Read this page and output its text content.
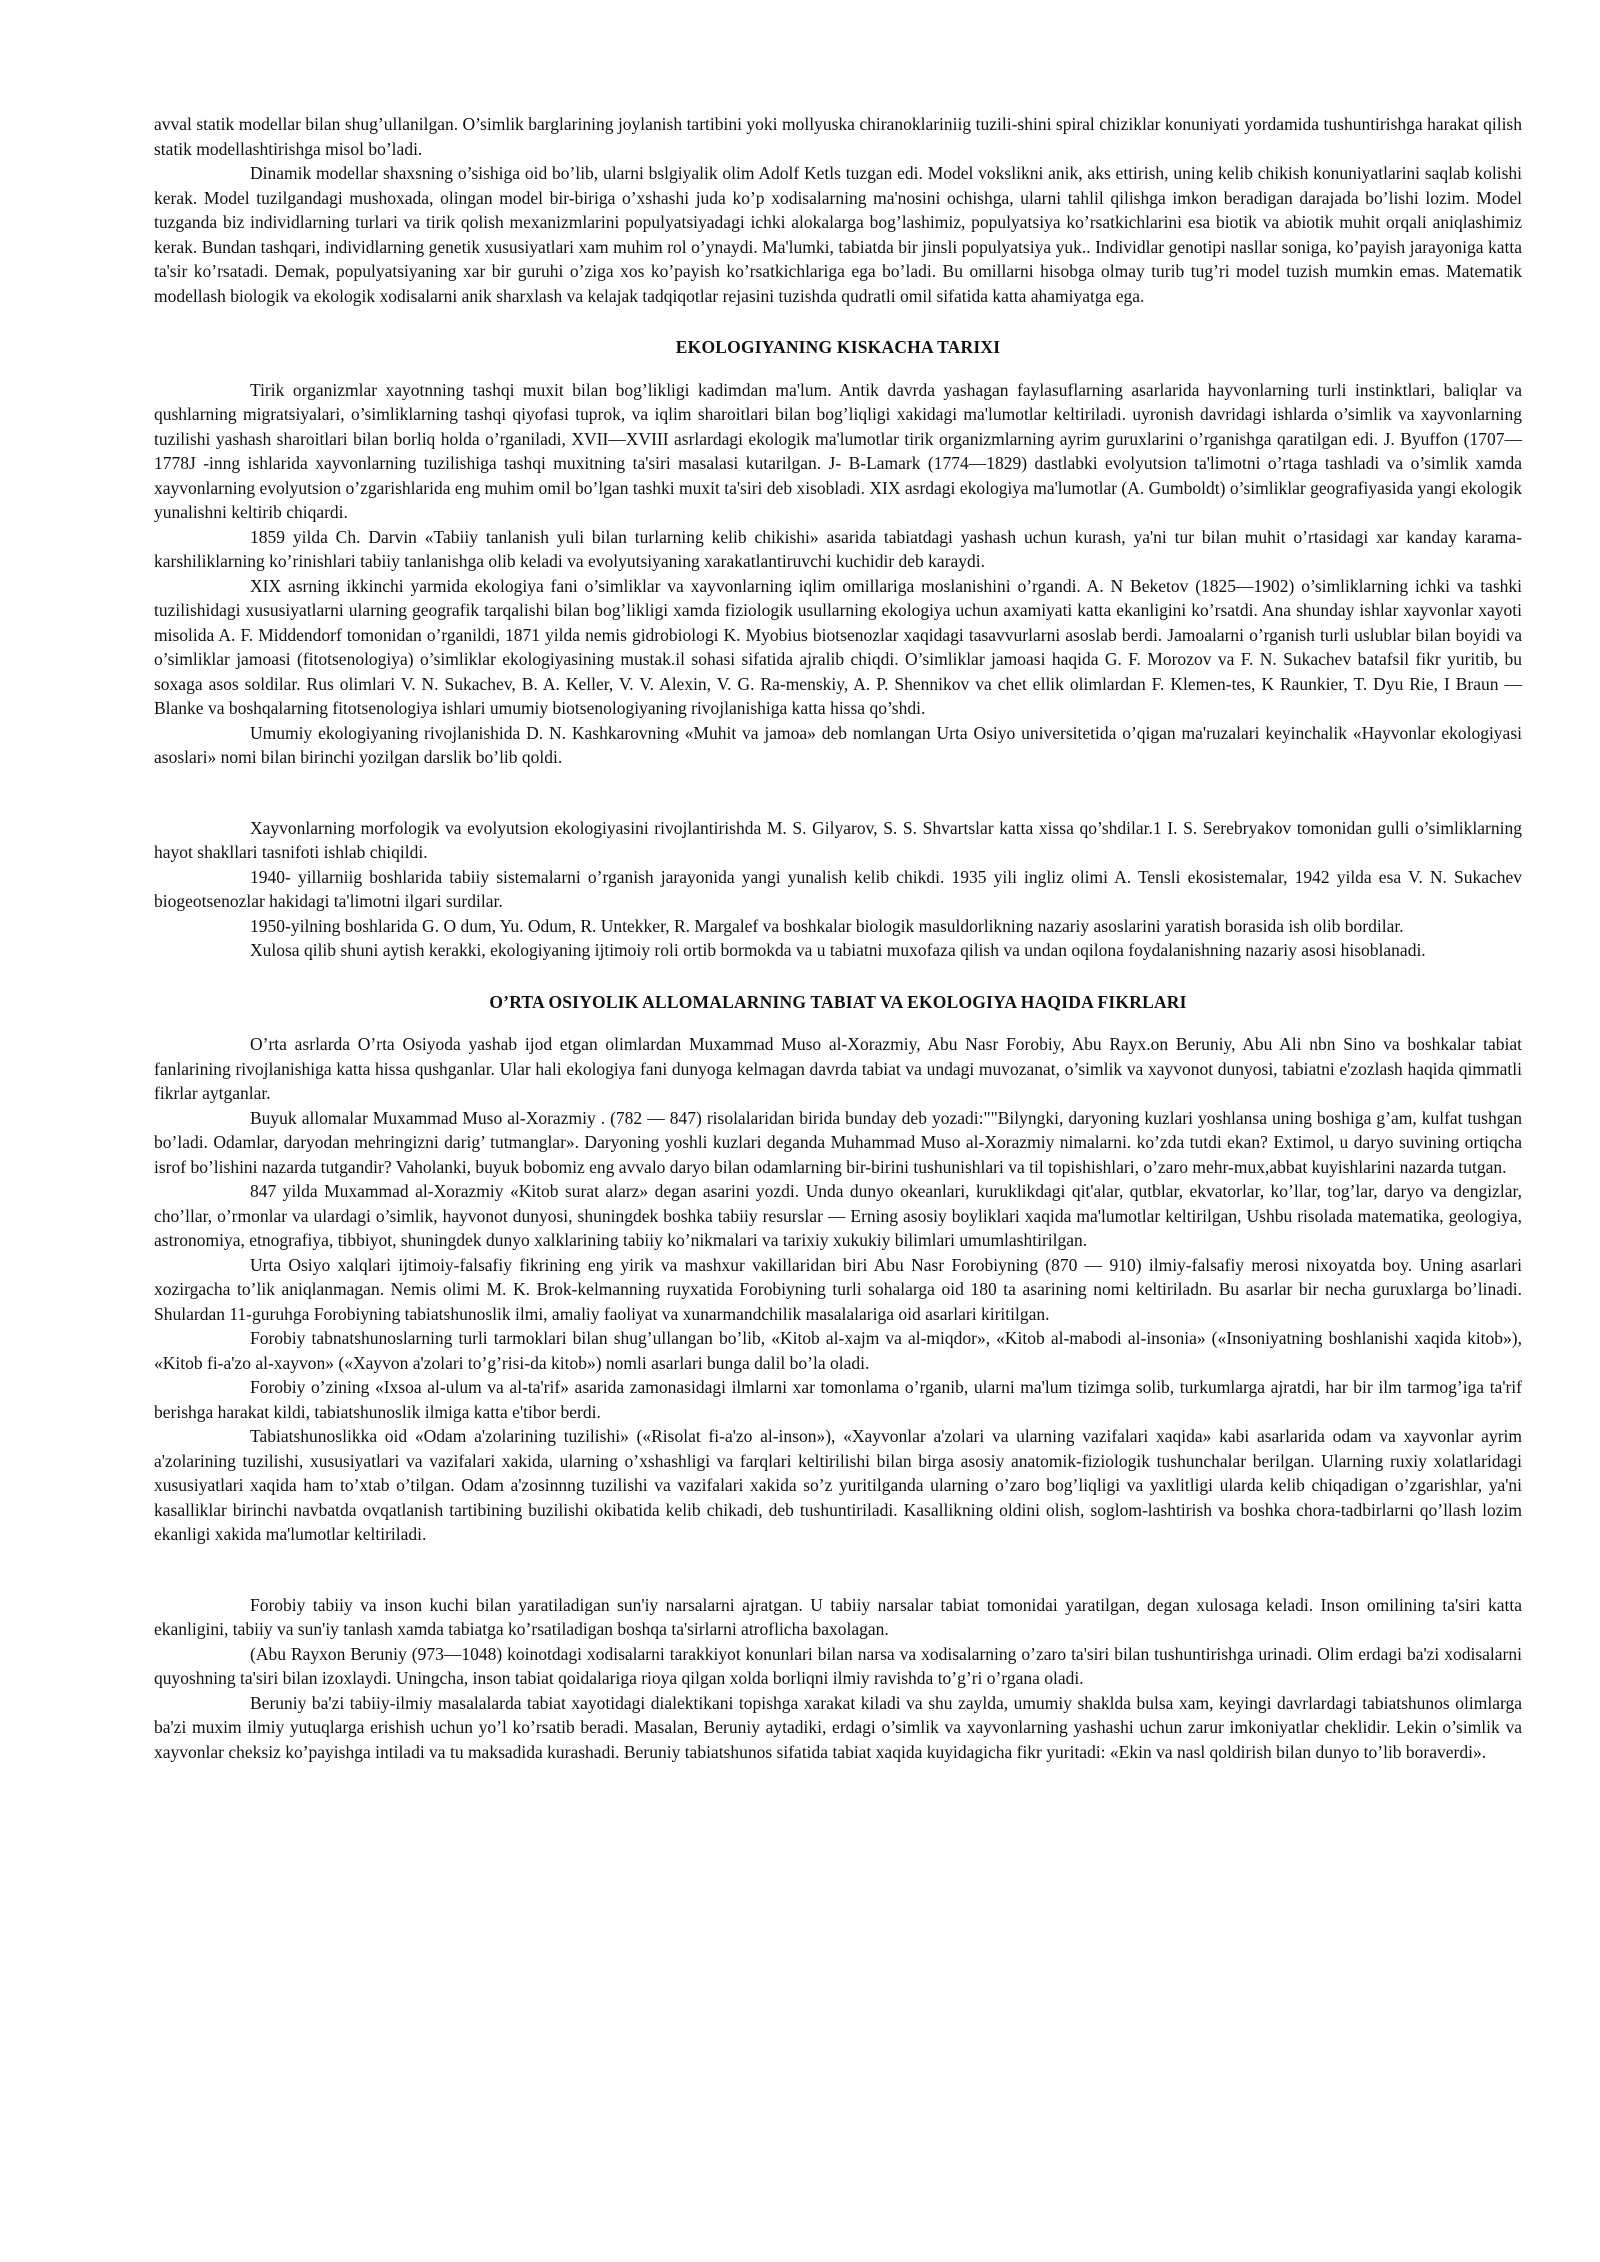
avval statik modellar bilan shug’ullanilgan. O’simlik barglarining joylanish tartibini yoki mollyuska chiranoklariniig tuzili-shini spiral chiziklar konuniyati yordamida tushuntirishga harakat qilish statik modellashtirishga misol bo’ladi.

Dinamik modellar shaxsning o’sishiga oid bo’lib, ularni bslgiyalik olim Adolf Ketls tuzgan edi. Model vokslikni anik, aks ettirish, uning kelib chikish konuniyatlarini saqlab kolishi kerak. Model tuzilgandagi mushoxada, olingan model bir-biriga o’xshashi juda ko’p xodisalarning ma'nosini ochishga, ularni tahlil qilishga imkon beradigan darajada bo’lishi lozim. Model tuzganda biz individlarning turlari va tirik qolish mexanizmlarini populyatsiyadagi ichki alokalarga bog’lashimiz, populyatsiya ko’rsatkichlarini esa biotik va abiotik muhit orqali aniqlashimiz kerak. Bundan tashqari, individlarning genetik xususiyatlari xam muhim rol o’ynaydi. Ma'lumki, tabiatda bir jinsli populyatsiya yuk.. Individlar genotipi nasllar soniga, ko’payish jarayoniga katta ta'sir ko’rsatadi. Demak, populyatsiyaning xar bir guruhi o’ziga xos ko’payish ko’rsatkichlariga ega bo’ladi. Bu omillarni hisobga olmay turib tug’ri model tuzish mumkin emas. Matematik modellash biologik va ekologik xodisalarni anik sharxlash va kelajak tadqiqotlar rejasini tuzishda qudratli omil sifatida katta ahamiyatga ega.

EKOLOGIYANING KISKACHA TARIXI

Tirik organizmlar xayotnning tashqi muxit bilan bog’likligi kadimdan ma'lum. Antik davrda yashagan faylasuflarning asarlarida hayvonlarning turli instinktlari, baliqlar va qushlarning migratsiyalari, o’simliklarning tashqi qiyofasi tuprok, va iqlim sharoitlari bilan bog’liqligi xakidagi ma'lumotlar keltiriladi. uyronish davridagi ishlarda o’simlik va xayvonlarning tuzilishi yashash sharoitlari bilan borliq holda o’rganiladi, XVII—XVIII asrlardagi ekologik ma'lumotlar tirik organizmlarning ayrim guruxlarini o’rganishga qaratilgan edi. J. Byuffon (1707—1778J -inng ishlarida xayvonlarning tuzilishiga tashqi muxitning ta'siri masalasi kutarilgan. J- B-Lamark (1774—1829) dastlabki evolyutsion ta'limotni o’rtaga tashladi va o’simlik xamda xayvonlarning evolyutsion o’zgarishlarida eng muhim omil bo’lgan tashki muxit ta'siri deb xisobladi. XIX asrdagi ekologiya ma'lumotlar (A. Gumboldt) o’simliklar geografiyasida yangi ekologik yunalishni keltirib chiqardi.

1859 yilda Ch. Darvin «Tabiiy tanlanish yuli bilan turlarning kelib chikishi» asarida tabiatdagi yashash uchun kurash, ya'ni tur bilan muhit o’rtasidagi xar kanday karama-karshiliklarning ko’rinishlari tabiiy tanlanishga olib keladi va evolyutsiyaning xarakatlantiruvchi kuchidir deb karaydi.

XIX asrning ikkinchi yarmida ekologiya fani o’simliklar va xayvonlarning iqlim omillariga moslanishini o’rgandi. A. N Beketov (1825—1902) o’simliklarning ichki va tashki tuzilishidagi xususiyatlarni ularning geografik tarqalishi bilan bog’likligi xamda fiziologik usullarning ekologiya uchun axamiyati katta ekanligini ko’rsatdi. Ana shunday ishlar xayvonlar xayoti misolida A. F. Middendorf tomonidan o’rganildi, 1871 yilda nemis gidrobiologi K. Myobius biotsenozlar xaqidagi tasavvurlarni asoslab berdi. Jamoalarni o’rganish turli uslublar bilan boyidi va o’simliklar jamoasi (fitotsenologiya) o’simliklar ekologiyasining mustak.il sohasi sifatida ajralib chiqdi. O’simliklar jamoasi haqida G. F. Morozov va F. N. Sukachev batafsil fikr yuritib, bu soxaga asos soldilar. Rus olimlari V. N. Sukachev, B. A. Keller, V. V. Alexin, V. G. Ra-menskiy, A. P. Shennikov va chet ellik olimlardan F. Klemen-tes, K Raunkier, T. Dyu Rie, I Braun — Blanke va boshqalarning fitotsenologiya ishlari umumiy biotsenologiyaning rivojlanishiga katta hissa qo’shdi.

Umumiy ekologiyaning rivojlanishida D. N. Kashkarovning «Muhit va jamoa» deb nomlangan Urta Osiyo universitetida o’qigan ma'ruzalari keyinchalik «Hayvonlar ekologiyasi asoslari» nomi bilan birinchi yozilgan darslik bo’lib qoldi.

Xayvonlarning morfologik va evolyutsion ekologiyasini rivojlantirishda M. S. Gilyarov, S. S. Shvartslar katta xissa qo’shdilar.1 I. S. Serebryakov tomonidan gulli o’simliklarning hayot shakllari tasnifoti ishlab chiqildi.

1940- yillarniig boshlarida tabiiy sistemalarni o’rganish jarayonida yangi yunalish kelib chikdi. 1935 yili ingliz olimi A. Tensli ekosistemalar, 1942 yilda esa V. N. Sukachev biogeotsenozlar hakidagi ta'limotni ilgari surdilar.

1950-yilning boshlarida G. O dum, Yu. Odum, R. Untekker, R. Margalef va boshkalar biologik masuldorlikning nazariy asoslarini yaratish borasida ish olib bordilar.

Xulosa qilib shuni aytish kerakki, ekologiyaning ijtimoiy roli ortib bormokda va u tabiatni muxofaza qilish va undan oqilona foydalanishning nazariy asosi hisoblanadi.

O’RTA OSIYOLIK ALLOMALARNING TABIAT VA EKOLOGIYA HAQIDA FIKRLARI

O’rta asrlarda O’rta Osiyoda yashab ijod etgan olimlardan Muxammad Muso al-Xorazmiy, Abu Nasr Forobiy, Abu Rayx.on Beruniy, Abu Ali nbn Sino va boshkalar tabiat fanlarining rivojlanishiga katta hissa qushganlar. Ular hali ekologiya fani dunyoga kelmagan davrda tabiat va undagi muvozanat, o’simlik va xayvonot dunyosi, tabiatni e'zozlash haqida qimmatli fikrlar aytganlar.

Buyuk allomalar Muxammad Muso al-Xorazmiy . (782 — 847) risolalaridan birida bunday deb yozadi:""Bilyngki, daryoning kuzlari yoshlansa uning boshiga g’am, kulfat tushgan bo’ladi. Odamlar, daryodan mehringizni darig’ tutmanglar». Daryoning yoshli kuzlari deganda Muhammad Muso al-Xorazmiy nimalarni. ko’zda tutdi ekan? Extimol, u daryo suvining ortiqcha isrof bo’lishini nazarda tutgandir? Vaholanki, buyuk bobomiz eng avvalo daryo bilan odamlarning bir-birini tushunishlari va til topishishlari, o’zaro mehr-mux,abbat kuyishlarini nazarda tutgan.

847 yilda Muxammad al-Xorazmiy «Kitob surat alarz» degan asarini yozdi. Unda dunyo okeanlari, kuruklikdagi qit'alar, qutblar, ekvatorlar, ko’llar, tog’lar, daryo va dengizlar, cho’llar, o’rmonlar va ulardagi o’simlik, hayvonot dunyosi, shuningdek boshka tabiiy resurslar — Erning asosiy boyliklari xaqida ma'lumotlar keltirilgan, Ushbu risolada matematika, geologiya, astronomiya, etnografiya, tibbiyot, shuningdek dunyo xalklarining tabiiy ko’nikmalari va tarixiy xukukiy bilimlari umumlashtirilgan.

Urta Osiyo xalqlari ijtimoiy-falsafiy fikrining eng yirik va mashxur vakillaridan biri Abu Nasr Forobiyning (870 — 910) ilmiy-falsafiy merosi nixoyatda boy. Uning asarlari xozirgacha to’lik aniqlanmagan. Nemis olimi M. K. Brok-kelmanning ruyxatida Forobiyning turli sohalarga oid 180 ta asarining nomi keltiriladn. Bu asarlar bir necha guruxlarga bo’linadi. Shulardan 11-guruhga Forobiyning tabiatshunoslik ilmi, amaliy faoliyat va xunarmandchilik masalalariga oid asarlari kiritilgan.

Forobiy tabnatshunoslarning turli tarmoklari bilan shug’ullangan bo’lib, «Kitob al-xajm va al-miqdor», «Kitob al-mabodi al-insonia» («Insoniyatning boshlanishi xaqida kitob»), «Kitob fi-a'zo al-xayvon» («Xayvon a'zolari to’g’risi-da kitob») nomli asarlari bunga dalil bo’la oladi.

Forobiy o’zining «Ixsoa al-ulum va al-ta'rif» asarida zamonasidagi ilmlarni xar tomonlama o’rganib, ularni ma'lum tizimga solib, turkumlarga ajratdi, har bir ilm tarmog’iga ta'rif berishga harakat kildi, tabiatshunoslik ilmiga katta e'tibor berdi.

Tabiatshunoslikka oid «Odam a'zolarining tuzilishi» («Risolat fi-a'zo al-inson»), «Xayvonlar a'zolari va ularning vazifalari xaqida» kabi asarlarida odam va xayvonlar ayrim a'zolarining tuzilishi, xususiyatlari va vazifalari xakida, ularning o’xshashligi va farqlari keltirilishi bilan birga asosiy anatomik-fiziologik tushunchalar berilgan. Ularning ruxiy xolatlaridagi xususiyatlari xaqida ham to’xtab o’tilgan. Odam a'zosinnng tuzilishi va vazifalari xakida so’z yuritilganda ularning o’zaro bog’liqligi va yaxlitligi ularda kelib chiqadigan o’zgarishlar, ya'ni kasalliklar birinchi navbatda ovqatlanish tartibining buzilishi okibatida kelib chikadi, deb tushuntiriladi. Kasallikning oldini olish, soglom-lashtirish va boshka chora-tadbirlarni qo’llash lozim ekanligi xakida ma'lumotlar keltiriladi.

Forobiy tabiiy va inson kuchi bilan yaratiladigan sun'iy narsalarni ajratgan. U tabiiy narsalar tabiat tomonidai yaratilgan, degan xulosaga keladi. Inson omilining ta'siri katta ekanligini, tabiiy va sun'iy tanlash xamda tabiatga ko’rsatiladigan boshqa ta'sirlarni atroflicha baxolagan.

(Abu Rayxon Beruniy (973—1048) koinotdagi xodisalarni tarakkiyot konunlari bilan narsa va xodisalarning o’zaro ta'siri bilan tushuntirishga urinadi. Olim erdagi ba'zi xodisalarni quyoshning ta'siri bilan izoxlaydi. Uningcha, inson tabiat qoidalariga rioya qilgan xolda borliqni ilmiy ravishda to’g’ri o’rgana oladi.

Beruniy ba'zi tabiiy-ilmiy masalalarda tabiat xayotidagi dialektikani topishga xarakat kiladi va shu zaylda, umumiy shaklda bulsa xam, keyingi davrlardagi tabiatshunos olimlarga ba'zi muxim ilmiy yutuqlarga erishish uchun yo’l ko’rsatib beradi. Masalan, Beruniy aytadiki, erdagi o’simlik va xayvonlarning yashashi uchun zarur imkoniyatlar cheklidir. Lekin o’simlik va xayvonlar cheksiz ko’payishga intiladi va tu maksadida kurashadi. Beruniy tabiatshunos sifatida tabiat xaqida kuyidagicha fikr yuritadi: «Ekin va nasl qoldirish bilan dunyo to’lib boraverdi».
